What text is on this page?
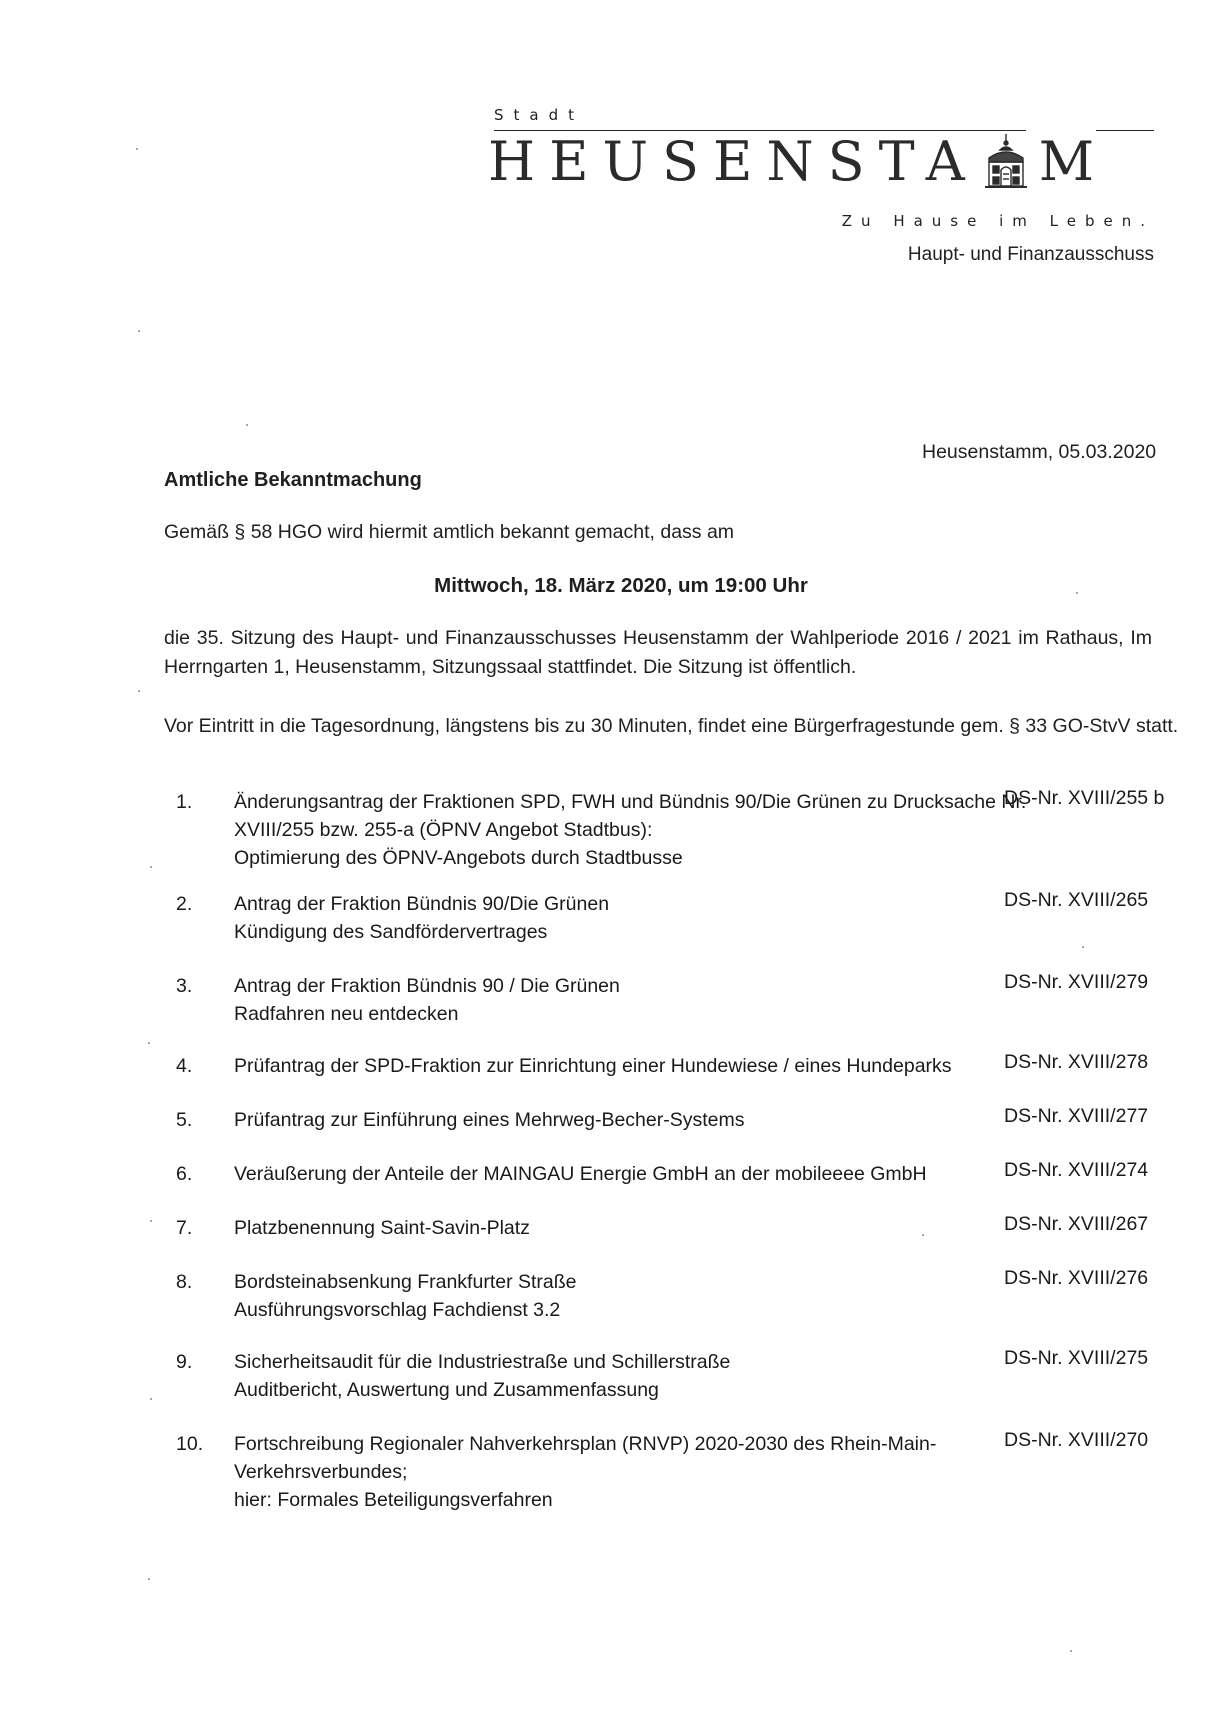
Stadt
HEUSENSTA M
Zu Hause im Leben.
Haupt- und Finanzausschuss
Heusenstamm, 05.03.2020
Amtliche Bekanntmachung
Gemäß § 58 HGO wird hiermit amtlich bekannt gemacht, dass am
Mittwoch, 18. März 2020, um 19:00 Uhr
die 35. Sitzung des Haupt- und Finanzausschusses Heusenstamm der Wahlperiode 2016 / 2021 im Rathaus, Im
Herrngarten 1, Heusenstamm, Sitzungssaal stattfindet. Die Sitzung ist öffentlich.
Vor Eintritt in die Tagesordnung, längstens bis zu 30 Minuten, findet eine Bürgerfragestunde gem. § 33 GO-StvV statt.
1. Änderungsantrag der Fraktionen SPD, FWH und Bündnis 90/Die Grünen zu Drucksache Nr.
XVIII/255 bzw. 255-a (ÖPNV Angebot Stadtbus):
Optimierung des ÖPNV-Angebots durch Stadtbusse
DS-Nr. XVIII/255 b
2. Antrag der Fraktion Bündnis 90/Die Grünen
Kündigung des Sandfördervertrages
DS-Nr. XVIII/265
3. Antrag der Fraktion Bündnis 90 / Die Grünen
Radfahren neu entdecken
DS-Nr. XVIII/279
4. Prüfantrag der SPD-Fraktion zur Einrichtung einer Hundewiese / eines Hundeparks	DS-Nr. XVIII/278
5. Prüfantrag zur Einführung eines Mehrweg-Becher-Systems	DS-Nr. XVIII/277
6. Veräußerung der Anteile der MAINGAU Energie GmbH an der mobileeee GmbH	DS-Nr. XVIII/274
7. Platzbenennung Saint-Savin-Platz	DS-Nr. XVIII/267
8. Bordsteinabsenkung Frankfurter Straße
Ausführungsvorschlag Fachdienst 3.2
DS-Nr. XVIII/276
9. Sicherheitsaudit für die Industriestraße und Schillerstraße
Auditbericht, Auswertung und Zusammenfassung
DS-Nr. XVIII/275
10. Fortschreibung Regionaler Nahverkehrsplan (RNVP) 2020-2030 des Rhein-Main-
Verkehrsverbundes;
hier: Formales Beteiligungsverfahren
DS-Nr. XVIII/270
